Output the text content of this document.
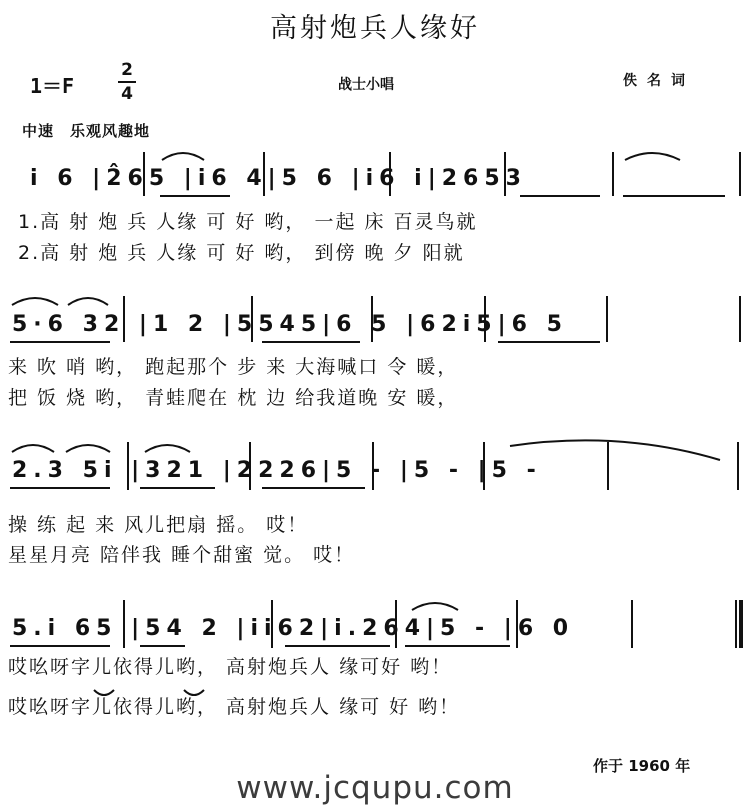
高射炮兵人缘好
1＝F
2
4	战士小唱	佚名词
中速　乐观风趣地
i 6 |2̂65 |i6 4|5 6 |i6 i|2653
1.高 射 炮 兵 人缘 可 好 哟， 一起 床 百灵鸟就
2.高 射 炮 兵 人缘 可 好 哟， 到傍 晚 夕 阳就
5·6 32 |1 2 |5545|6 5 |62i5|6 5
来 吹 哨 哟， 跑起那个 步 来 大海喊口 令 暖，
把 饭 烧 哟， 青蛙爬在 枕 边 给我道晚 安 暖，
2.3 5i |321 |2226|5 - |5 - |5 -
操 练 起 来 风儿把扇 摇。 哎！
星星月亮 陪伴我 睡个甜蜜 觉。 哎！
5.i 65 |54 2 |ii62|i.264|5 - |6 0
哎吆呀字儿依得儿哟， 高射炮兵人 缘可好 哟！
哎吆呀字儿依得儿哟， 高射炮兵人 缘可 好 哟！
作于 1960 年
www.jcqupu.com
